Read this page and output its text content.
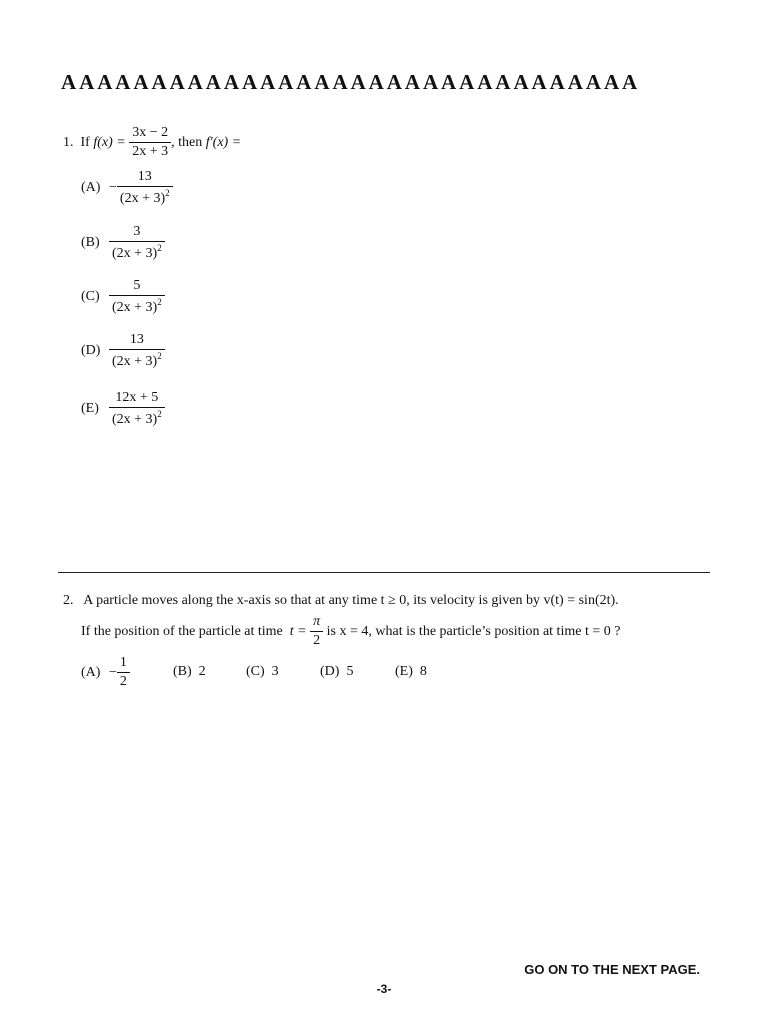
A A A A A A A A A A A A A A A A A A A A A A A A A A A A A A A A
1.
If
f(x) =
$\frac{3x - 2}{2x + 3}$ , then
f′(x) =
$(A) - \frac{13}{(2x + 3)^2}$
$(B) \frac{3}{(2x + 3)^2}$
$(C) \frac{5}{(2x + 3)^2}$
$(D) \frac{13}{(2x + 3)^2}$
$(E) \frac{12x + 5}{(2x + 3)^2}$
2. A particle moves along the x-axis so that at any time t ≥ 0, its velocity is given by v(t) = sin(2t).
If the position of the particle at time
t =
$\frac{\pi}{2}$
is x = 4, what is the particle’s position at time t = 0 ?
$(A) - \frac{1}{2}$	(B) 2	(C) 3	(D) 5	(E) 8
GO ON TO THE NEXT PAGE.
-3-
